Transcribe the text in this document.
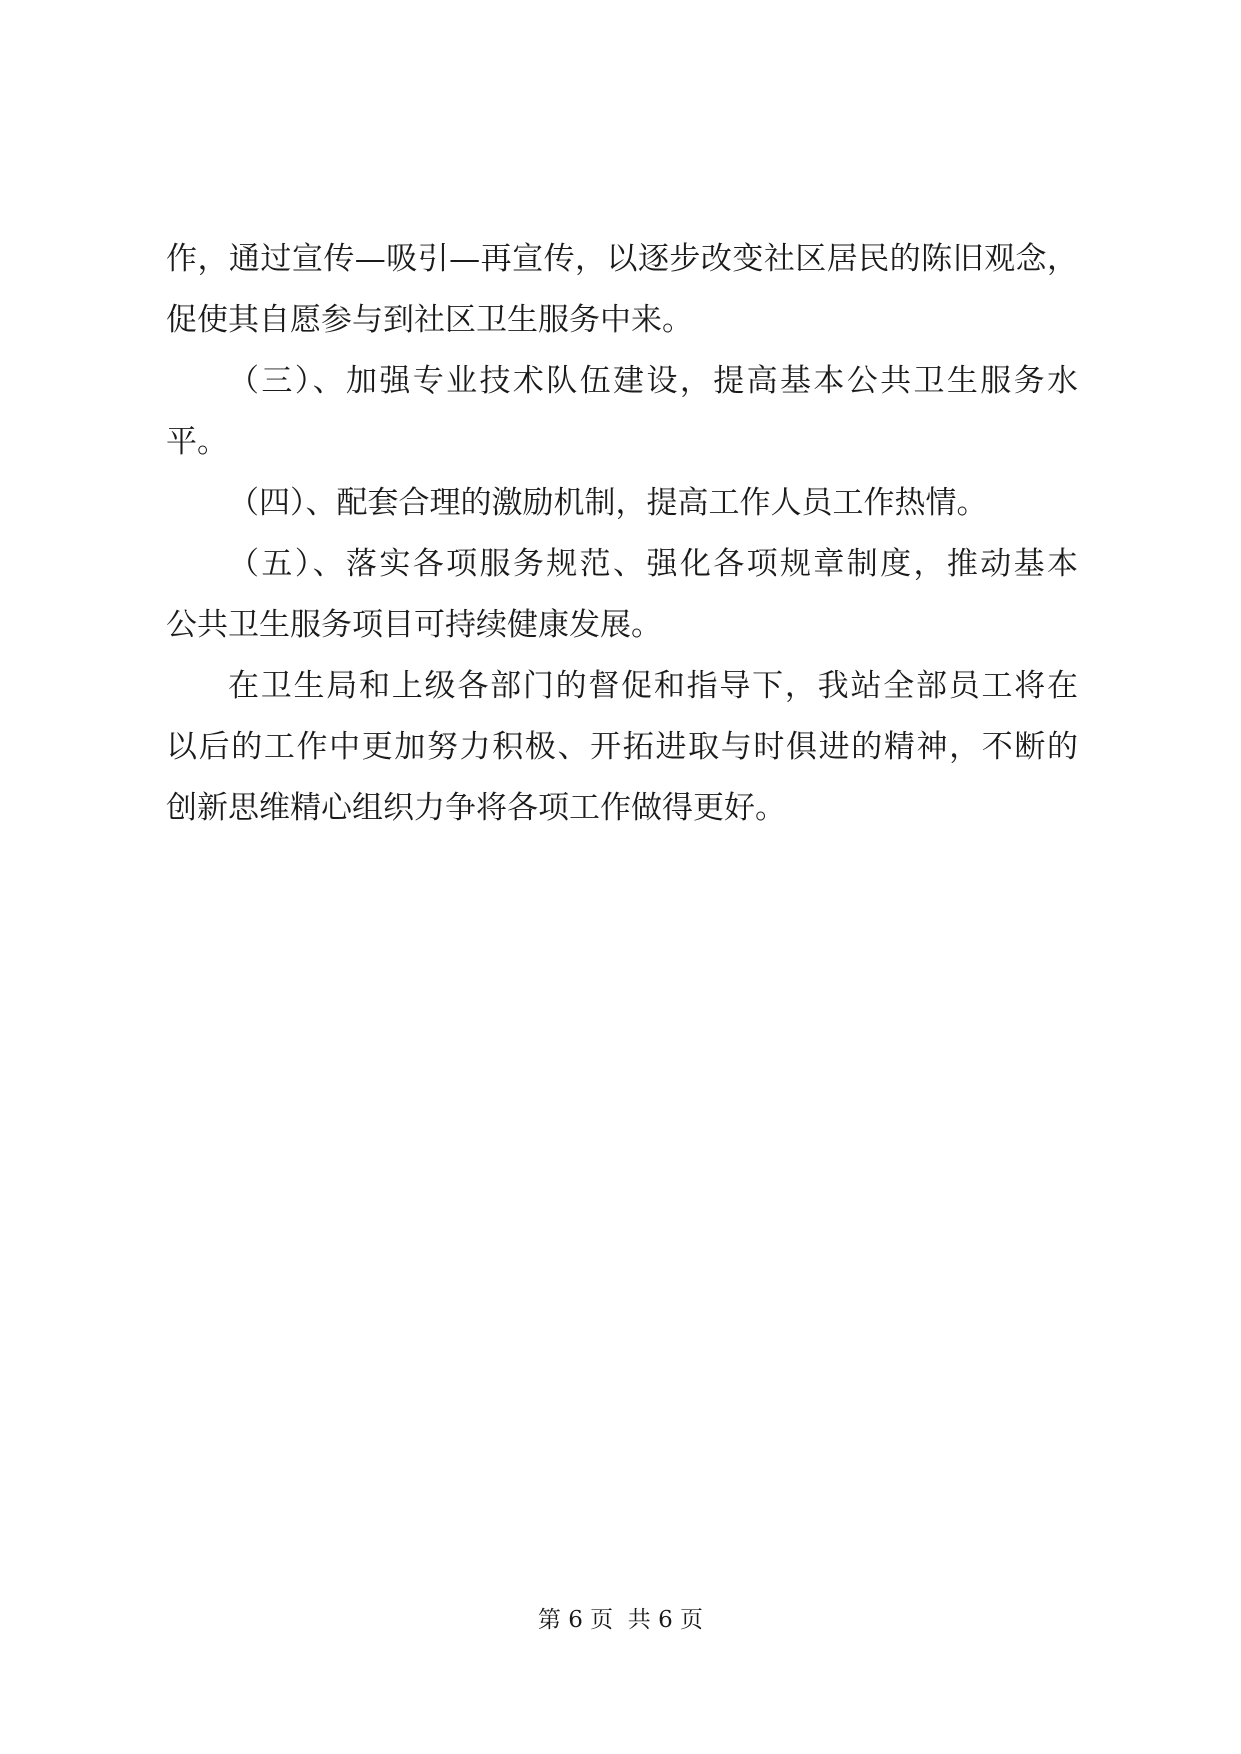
作，通过宣传—吸引—再宣传，以逐步改变社区居民的陈旧观念，
促使其自愿参与到社区卫生服务中来。
（三）、加强专业技术队伍建设，提高基本公共卫生服务水
平。
（四）、配套合理的激励机制，提高工作人员工作热情。
（五）、落实各项服务规范、强化各项规章制度，推动基本
公共卫生服务项目可持续健康发展。
在卫生局和上级各部门的督促和指导下，我站全部员工将在
以后的工作中更加努力积极、开拓进取与时俱进的精神，不断的
创新思维精心组织力争将各项工作做得更好。
第 6 页  共 6 页
